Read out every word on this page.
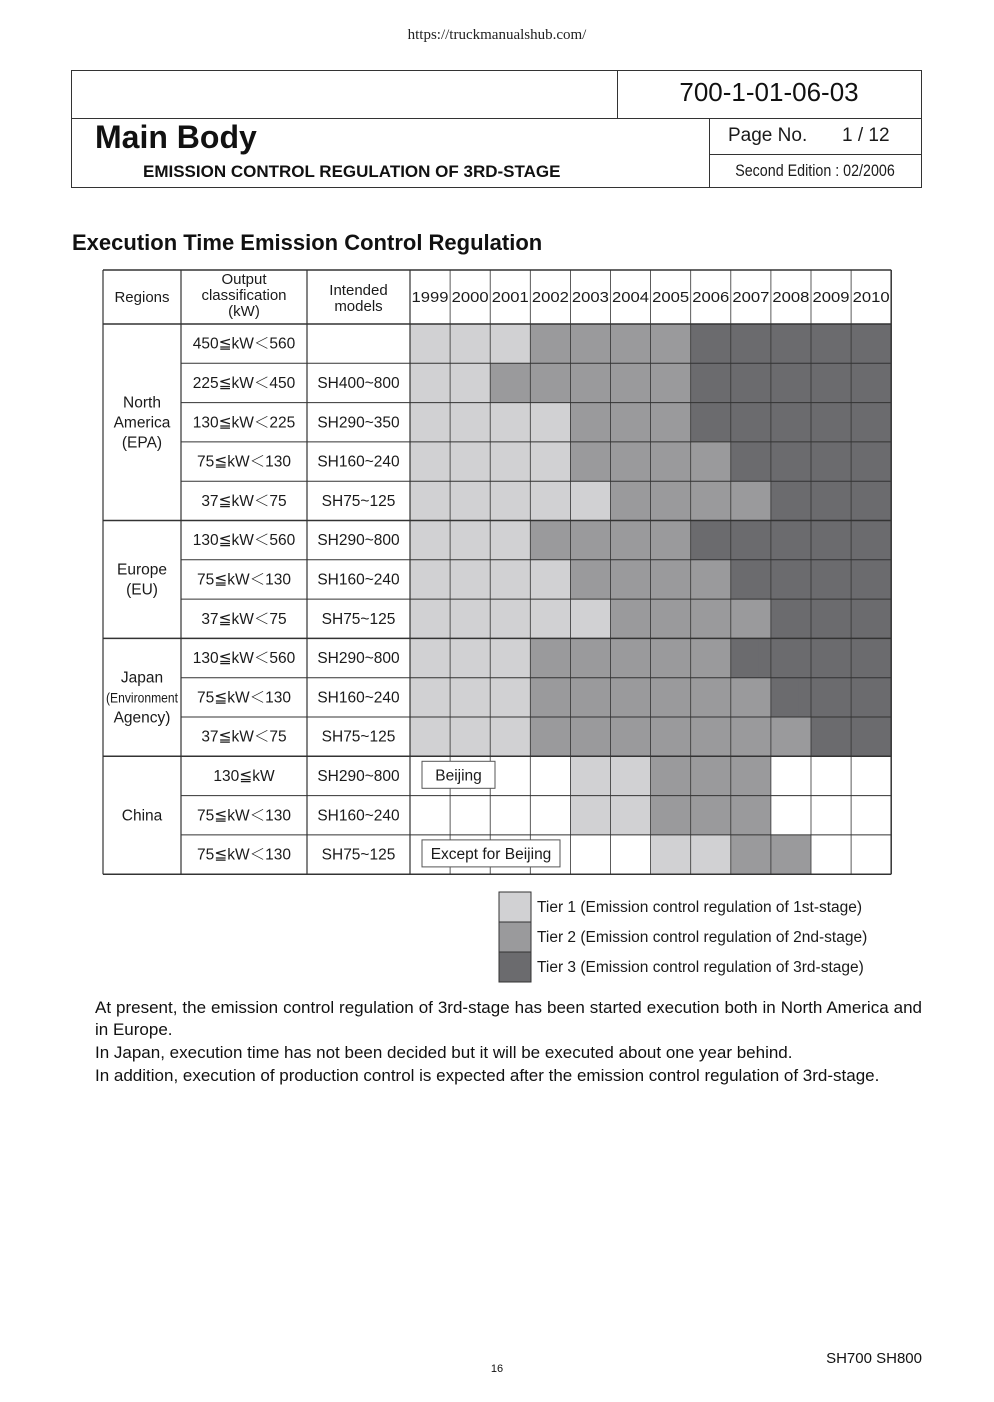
https://truckmanualshub.com/
700-1-01-06-03
Main Body
EMISSION CONTROL REGULATION OF 3RD-STAGE
Page No. 1 / 12
Second Edition : 02/2006
Execution Time Emission Control Regulation
Regions
Output
classification
(kW)
Intended
models 1999 2000 2001 2002 2003 2004 2005 2006 2007 2008 2009 2010
450≦kW＜560
225≦kW＜450 SH400~800
130≦kW＜225 SH290~350
75≦kW＜130 SH160~240
37≦kW＜75 SH75~125
130≦kW＜560 SH290~800
75≦kW＜130 SH160~240
37≦kW＜75 SH75~125
130≦kW＜560 SH290~800
75≦kW＜130 SH160~240
37≦kW＜75 SH75~125
130≦kW	SH290~800
75≦kW＜130 SH160~240
75≦kW＜130 SH75~125
North
America
(EPA)
Europe
(EU)
Japan
(Environment
Agency)
China
Beijing
Except for Beijing
Tier 1 (Emission control regulation of 1st-stage)
Tier 2 (Emission control regulation of 2nd-stage)
Tier 3 (Emission control regulation of 3rd-stage)

At present, the emission control regulation of 3rd-stage has been started execution both in North America and in Europe.

In Japan, execution time has not been decided but it will be executed about one year behind.

In addition, execution of production control is expected after the emission control regulation of 3rd-stage.

SH700 SH800
16
